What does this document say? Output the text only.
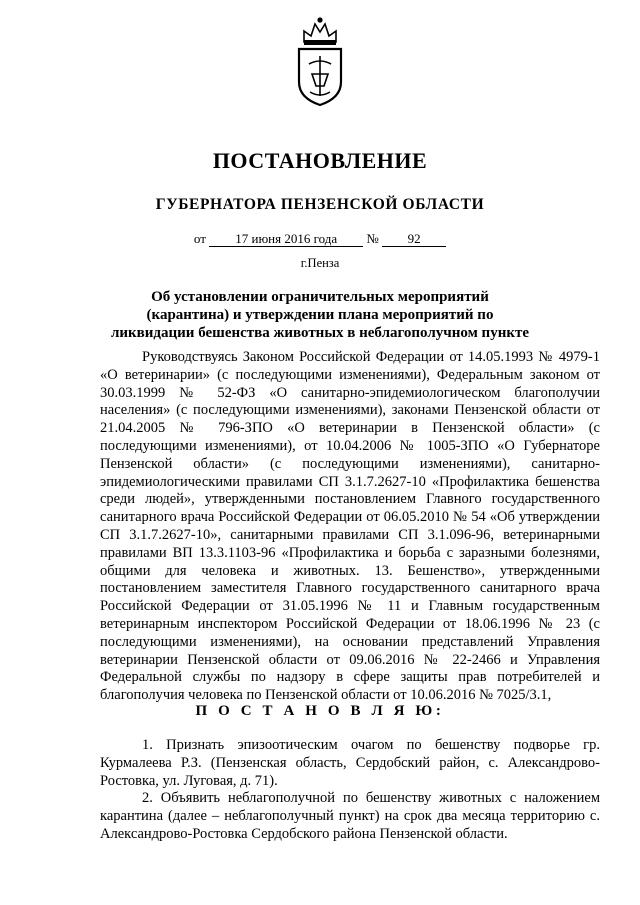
ПОСТАНОВЛЕНИЕ
ГУБЕРНАТОРА ПЕНЗЕНСКОЙ ОБЛАСТИ
от 17 июня 2016 года № 92
г.Пенза
Об установлении ограничительных мероприятий (карантина) и утверждении плана мероприятий по ликвидации бешенства животных в неблагополучном пункте

Руководствуясь Законом Российской Федерации от 14.05.1993 № 4979-1 «О ветеринарии» (с последующими изменениями), Федеральным законом от 30.03.1999 № 52-ФЗ «О санитарно-эпидемиологическом благополучии населения» (с последующими изменениями), законами Пензенской области от 21.04.2005 № 796-ЗПО «О ветеринарии в Пензенской области» (с последующими изменениями), от 10.04.2006 № 1005-ЗПО «О Губернаторе Пензенской области» (с последующими изменениями), санитарно-эпидемиологическими правилами СП 3.1.7.2627-10 «Профилактика бешенства среди людей», утвержденными постановлением Главного государственного санитарного врача Российской Федерации от 06.05.2010 № 54 «Об утверждении СП 3.1.7.2627-10», санитарными правилами СП 3.1.096-96, ветеринарными правилами ВП 13.3.1103-96 «Профилактика и борьба с заразными болезнями, общими для человека и животных. 13. Бешенство», утвержденными постановлением заместителя Главного государственного санитарного врача Российской Федерации от 31.05.1996 № 11 и Главным государственным ветеринарным инспектором Российской Федерации от 18.06.1996 № 23 (с последующими изменениями), на основании представлений Управления ветеринарии Пензенской области от 09.06.2016 № 22-2466 и Управления Федеральной службы по надзору в сфере защиты прав потребителей и благополучия человека по Пензенской области от 10.06.2016 № 7025/3.1,

П О С Т А Н О В Л Я Ю:

1. Признать эпизоотическим очагом по бешенству подворье гр. Курмалеева Р.З. (Пензенская область, Сердобский район, с. Александрово-Ростовка, ул. Луговая, д. 71).

2. Объявить неблагополучной по бешенству животных с наложением карантина (далее – неблагополучный пункт) на срок два месяца территорию с. Александрово-Ростовка Сердобского района Пензенской области.
